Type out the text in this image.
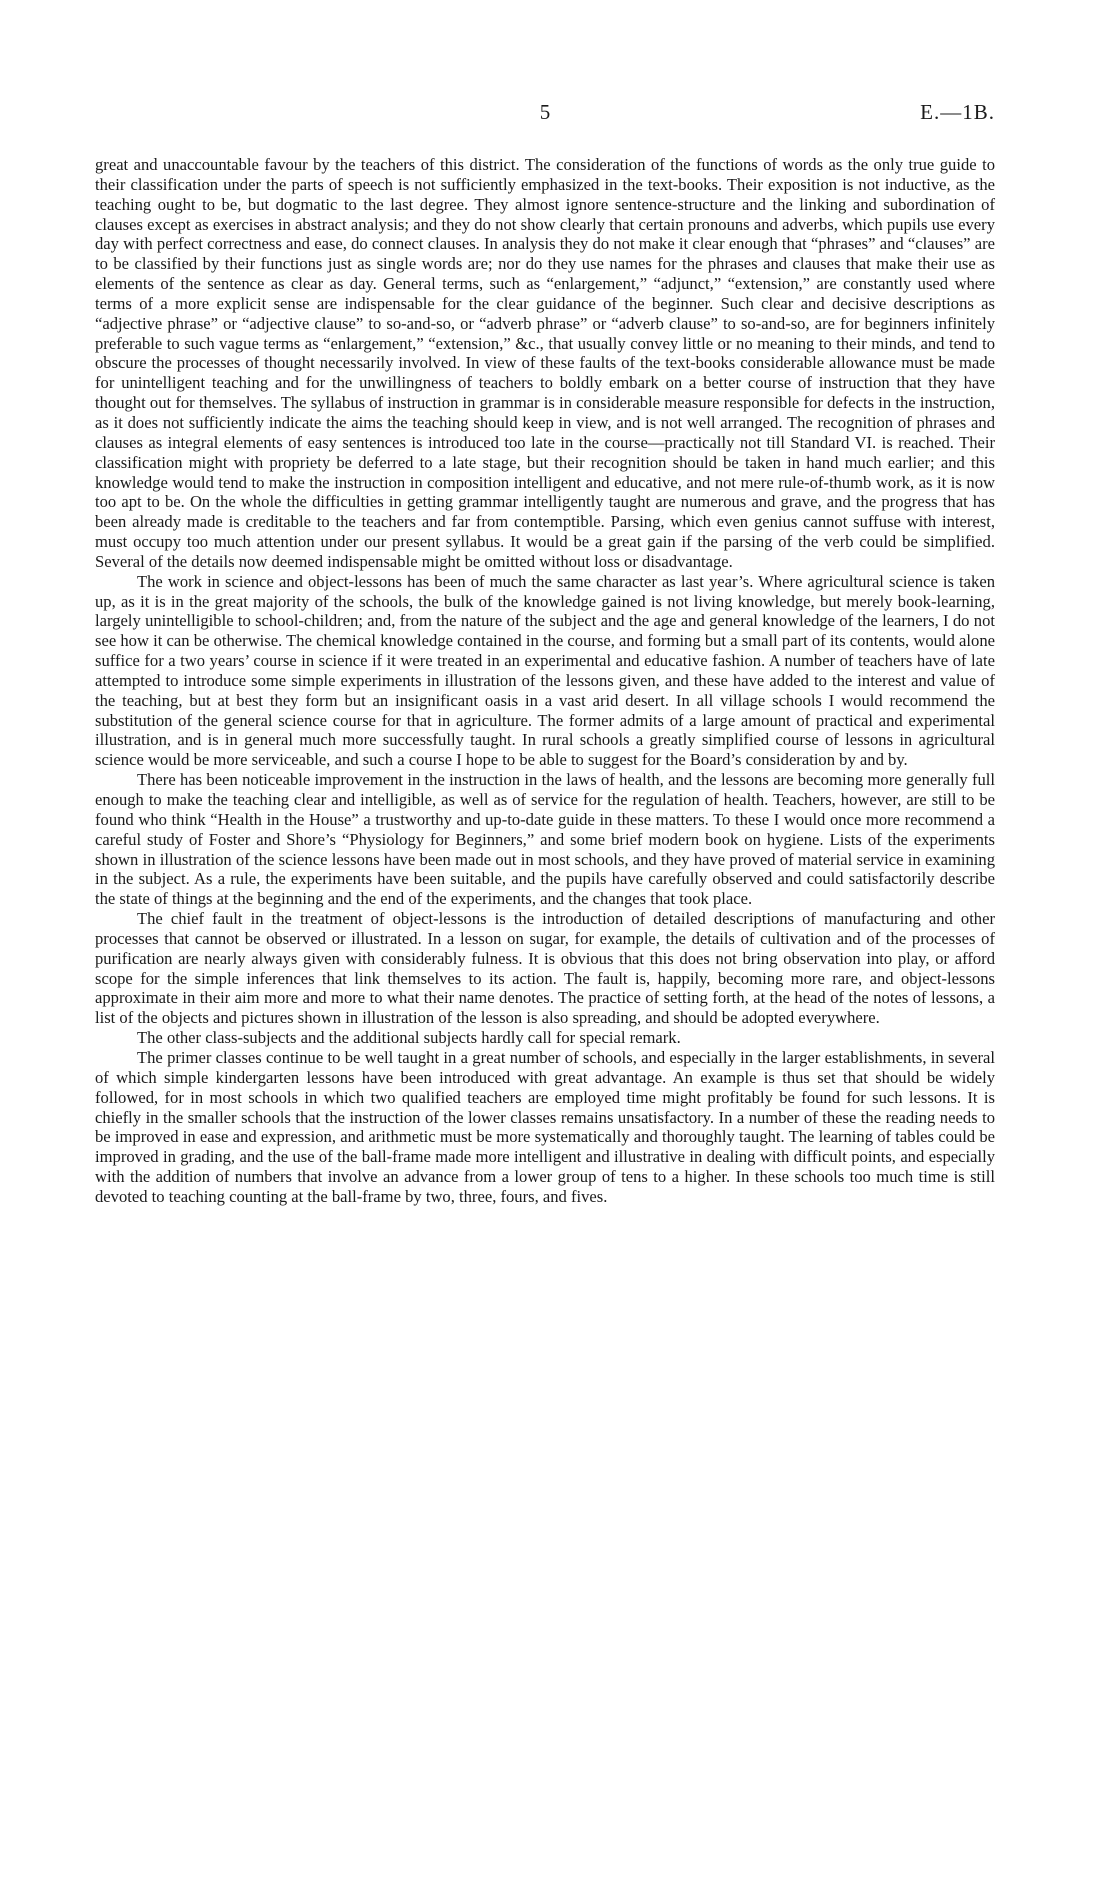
5	E.—1B.

great and unaccountable favour by the teachers of this district. The consideration of the functions of words as the only true guide to their classification under the parts of speech is not sufficiently emphasized in the text-books. Their exposition is not inductive, as the teaching ought to be, but dogmatic to the last degree. They almost ignore sentence-structure and the linking and subordination of clauses except as exercises in abstract analysis; and they do not show clearly that certain pronouns and adverbs, which pupils use every day with perfect correctness and ease, do connect clauses. In analysis they do not make it clear enough that “phrases” and “clauses” are to be classified by their functions just as single words are; nor do they use names for the phrases and clauses that make their use as elements of the sentence as clear as day. General terms, such as “enlargement,” “adjunct,” “extension,” are constantly used where terms of a more explicit sense are indispensable for the clear guidance of the beginner. Such clear and decisive descriptions as “adjective phrase” or “adjective clause” to so-and-so, or “adverb phrase” or “adverb clause” to so-and-so, are for beginners infinitely preferable to such vague terms as “enlargement,” “extension,” &c., that usually convey little or no meaning to their minds, and tend to obscure the processes of thought necessarily involved. In view of these faults of the text-books considerable allowance must be made for unintelligent teaching and for the unwillingness of teachers to boldly embark on a better course of instruction that they have thought out for themselves. The syllabus of instruction in grammar is in considerable measure responsible for defects in the instruction, as it does not sufficiently indicate the aims the teaching should keep in view, and is not well arranged. The recognition of phrases and clauses as integral elements of easy sentences is introduced too late in the course—practically not till Standard VI. is reached. Their classification might with propriety be deferred to a late stage, but their recognition should be taken in hand much earlier; and this knowledge would tend to make the instruction in composition intelligent and educative, and not mere rule-of-thumb work, as it is now too apt to be. On the whole the difficulties in getting grammar intelligently taught are numerous and grave, and the progress that has been already made is creditable to the teachers and far from contemptible. Parsing, which even genius cannot suffuse with interest, must occupy too much attention under our present syllabus. It would be a great gain if the parsing of the verb could be simplified. Several of the details now deemed indispensable might be omitted without loss or disadvantage.

The work in science and object-lessons has been of much the same character as last year’s. Where agricultural science is taken up, as it is in the great majority of the schools, the bulk of the knowledge gained is not living knowledge, but merely book-learning, largely unintelligible to school-children; and, from the nature of the subject and the age and general knowledge of the learners, I do not see how it can be otherwise. The chemical knowledge contained in the course, and forming but a small part of its contents, would alone suffice for a two years’ course in science if it were treated in an experimental and educative fashion. A number of teachers have of late attempted to introduce some simple experiments in illustration of the lessons given, and these have added to the interest and value of the teaching, but at best they form but an insignificant oasis in a vast arid desert. In all village schools I would recommend the substitution of the general science course for that in agriculture. The former admits of a large amount of practical and experimental illustration, and is in general much more successfully taught. In rural schools a greatly simplified course of lessons in agricultural science would be more serviceable, and such a course I hope to be able to suggest for the Board’s consideration by and by.

There has been noticeable improvement in the instruction in the laws of health, and the lessons are becoming more generally full enough to make the teaching clear and intelligible, as well as of service for the regulation of health. Teachers, however, are still to be found who think “Health in the House” a trustworthy and up-to-date guide in these matters. To these I would once more recommend a careful study of Foster and Shore’s “Physiology for Beginners,” and some brief modern book on hygiene. Lists of the experiments shown in illustration of the science lessons have been made out in most schools, and they have proved of material service in examining in the subject. As a rule, the experiments have been suitable, and the pupils have carefully observed and could satisfactorily describe the state of things at the beginning and the end of the experiments, and the changes that took place.

The chief fault in the treatment of object-lessons is the introduction of detailed descriptions of manufacturing and other processes that cannot be observed or illustrated. In a lesson on sugar, for example, the details of cultivation and of the processes of purification are nearly always given with considerably fulness. It is obvious that this does not bring observation into play, or afford scope for the simple inferences that link themselves to its action. The fault is, happily, becoming more rare, and object-lessons approximate in their aim more and more to what their name denotes. The practice of setting forth, at the head of the notes of lessons, a list of the objects and pictures shown in illustration of the lesson is also spreading, and should be adopted everywhere.

The other class-subjects and the additional subjects hardly call for special remark.

The primer classes continue to be well taught in a great number of schools, and especially in the larger establishments, in several of which simple kindergarten lessons have been introduced with great advantage. An example is thus set that should be widely followed, for in most schools in which two qualified teachers are employed time might profitably be found for such lessons. It is chiefly in the smaller schools that the instruction of the lower classes remains unsatisfactory. In a number of these the reading needs to be improved in ease and expression, and arithmetic must be more systematically and thoroughly taught. The learning of tables could be improved in grading, and the use of the ball-frame made more intelligent and illustrative in dealing with difficult points, and especially with the addition of numbers that involve an advance from a lower group of tens to a higher. In these schools too much time is still devoted to teaching counting at the ball-frame by two, three, fours, and fives.
